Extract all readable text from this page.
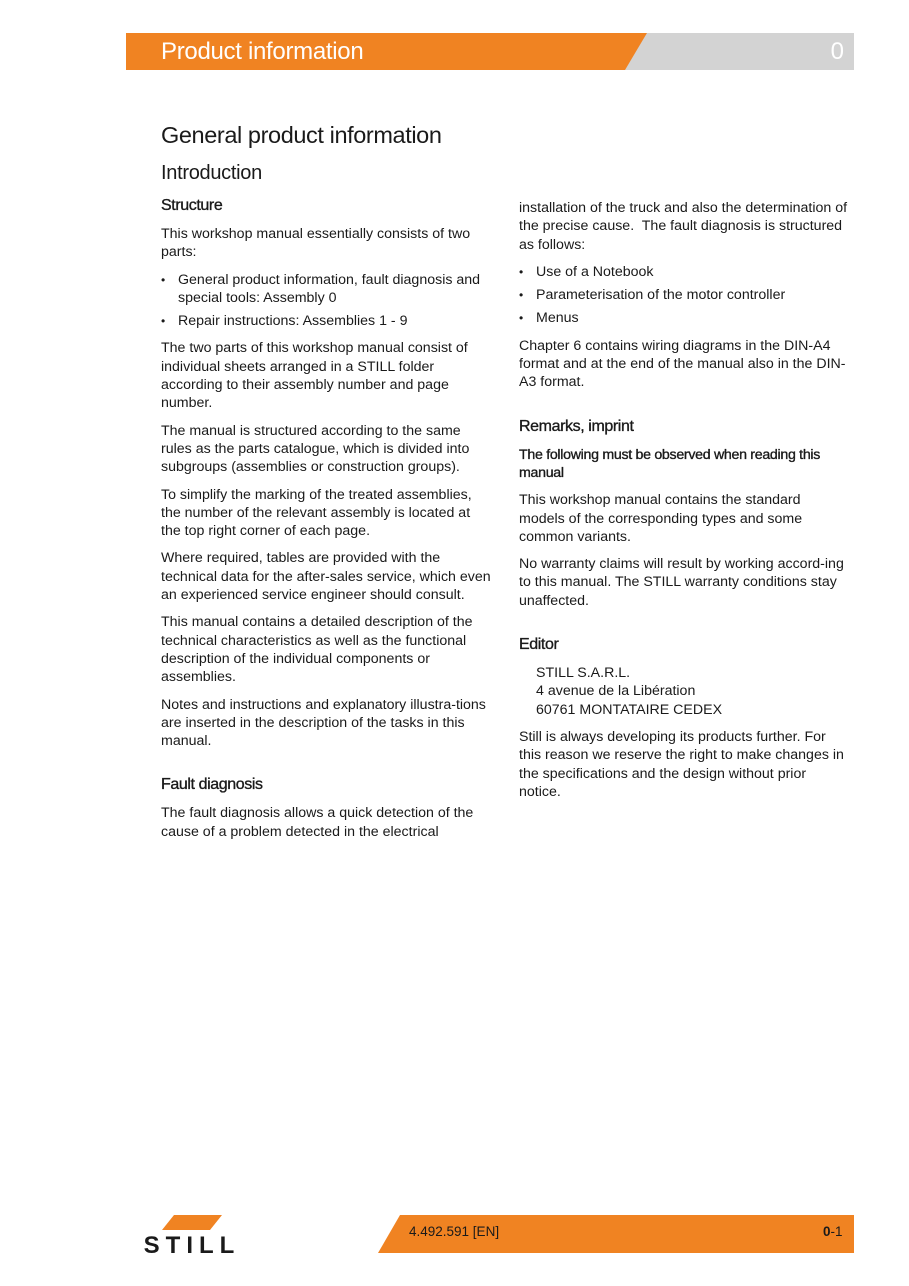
Product information	0
General product information
Introduction
Structure

This workshop manual essentially consists of two parts:

• General product information, fault diagnosis and special tools: Assembly 0
• Repair instructions: Assemblies 1 - 9

The two parts of this workshop manual consist of individual sheets arranged in a STILL folder according to their assembly number and page number.

The manual is structured according to the same rules as the parts catalogue, which is divided into subgroups (assemblies or construction groups).

To simplify the marking of the treated assemblies, the number of the relevant assembly is located at the top right corner of each page.

Where required, tables are provided with the technical data for the after-sales service, which even an experienced service engineer should consult.

This manual contains a detailed description of the technical characteristics as well as the functional description of the individual components or assemblies.

Notes and instructions and explanatory illustra-tions are inserted in the description of the tasks in this manual.

Fault diagnosis

The fault diagnosis allows a quick detection of the cause of a problem detected in the electrical

installation of the truck and also the determination of the precise cause.  The fault diagnosis is structured as follows:

• Use of a Notebook
• Parameterisation of the motor controller
• Menus

Chapter 6 contains wiring diagrams in the DIN-A4 format and at the end of the manual also in the DIN-A3 format.

Remarks, imprint
The following must be observed when reading this manual

This workshop manual contains the standard models of the corresponding types and some common variants.

No warranty claims will result by working accord-ing to this manual. The STILL warranty conditions stay unaffected.

Editor
STILL S.A.R.L.
4 avenue de la Libération
60761 MONTATAIRE CEDEX

Still is always developing its products further. For this reason we reserve the right to make changes in the specifications and the design without prior notice.

STILL
4.492.591 [EN]	0-1
